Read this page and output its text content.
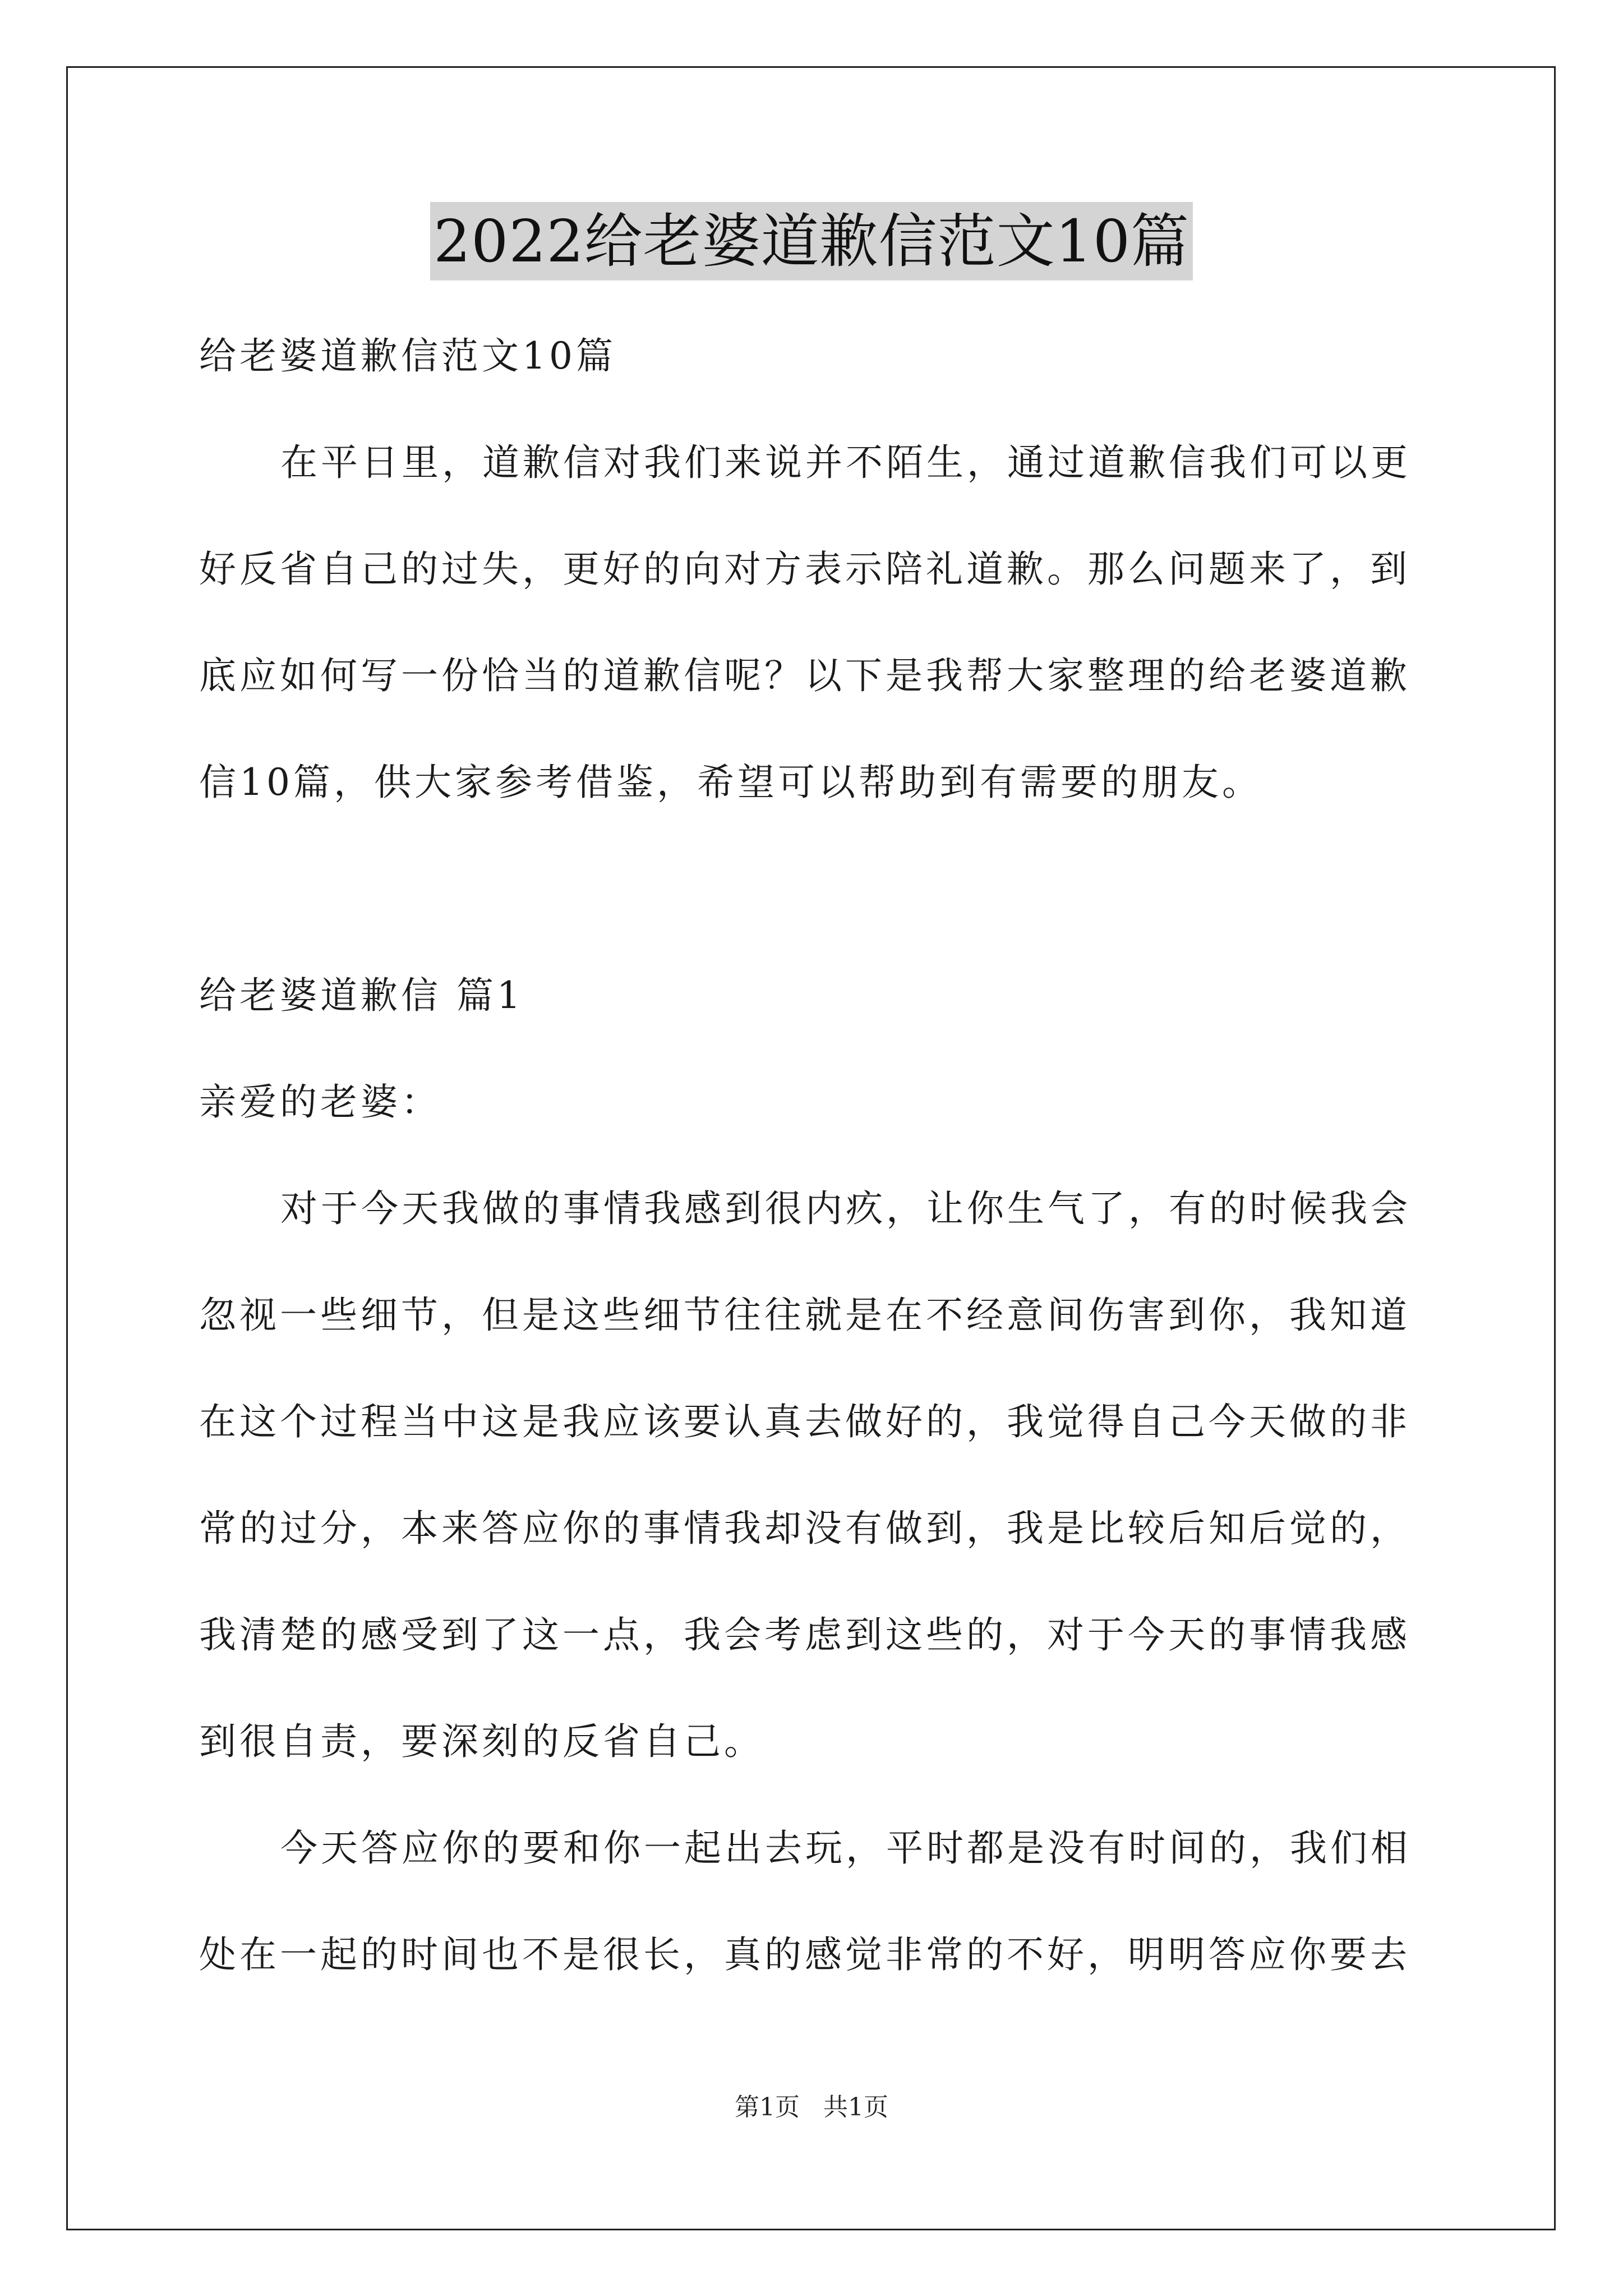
2022给老婆道歉信范文10篇
给老婆道歉信范文10篇
在平日里，道歉信对我们来说并不陌生，通过道歉信我们可以更
好反省自己的过失，更好的向对方表示陪礼道歉。那么问题来了，到
底应如何写一份恰当的道歉信呢？以下是我帮大家整理的给老婆道歉
信10篇，供大家参考借鉴，希望可以帮助到有需要的朋友。
给老婆道歉信 篇1
亲爱的老婆：
对于今天我做的事情我感到很内疚，让你生气了，有的时候我会
忽视一些细节，但是这些细节往往就是在不经意间伤害到你，我知道
在这个过程当中这是我应该要认真去做好的，我觉得自己今天做的非
常的过分，本来答应你的事情我却没有做到，我是比较后知后觉的，
我清楚的感受到了这一点，我会考虑到这些的，对于今天的事情我感
到很自责，要深刻的反省自己。
今天答应你的要和你一起出去玩，平时都是没有时间的，我们相
处在一起的时间也不是很长，真的感觉非常的不好，明明答应你要去
第1页 共1页
